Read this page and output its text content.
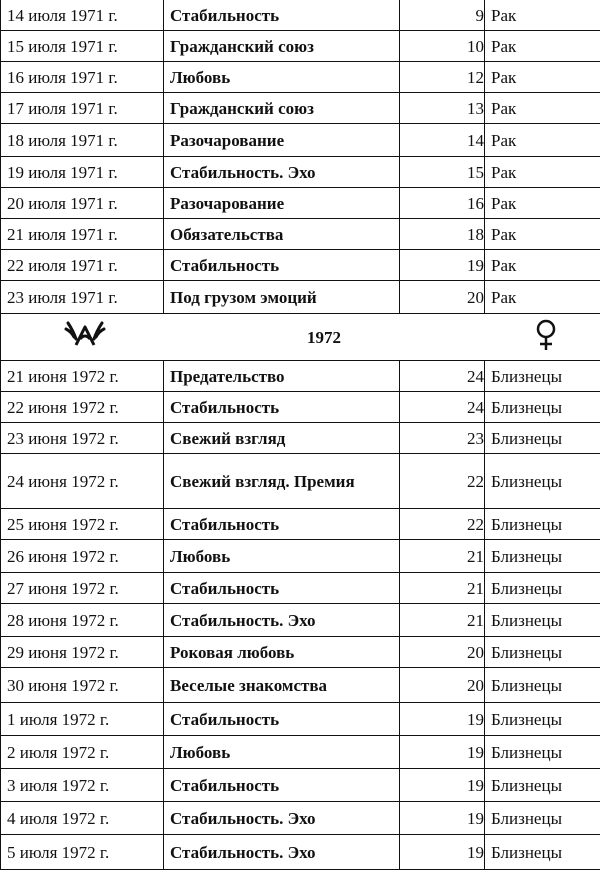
14 июля 1971 г.	Стабильность	9	Рак
15 июля 1971 г.	Гражданский союз	10	Рак
16 июля 1971 г.	Любовь	12	Рак
17 июля 1971 г.	Гражданский союз	13	Рак
18 июля 1971 г.	Разочарование	14	Рак
19 июля 1971 г.	Стабильность. Эхо	15	Рак
20 июля 1971 г.	Разочарование	16	Рак
21 июля 1971 г.	Обязательства	18	Рак
22 июля 1971 г.	Стабильность	19	Рак
23 июля 1971 г.	Под грузом эмоций	20	Рак
	1972	
21 июня 1972 г.	Предательство	24	Близнецы
22 июня 1972 г.	Стабильность	24	Близнецы
23 июня 1972 г.	Свежий взгляд	23	Близнецы
24 июня 1972 г.	Свежий взгляд. Премия	22	Близнецы
25 июня 1972 г.	Стабильность	22	Близнецы
26 июня 1972 г.	Любовь	21	Близнецы
27 июня 1972 г.	Стабильность	21	Близнецы
28 июня 1972 г.	Стабильность. Эхо	21	Близнецы
29 июня 1972 г.	Роковая любовь	20	Близнецы
30 июня 1972 г.	Веселые знакомства	20	Близнецы
1 июля 1972 г.	Стабильность	19	Близнецы
2 июля 1972 г.	Любовь	19	Близнецы
3 июля 1972 г.	Стабильность	19	Близнецы
4 июля 1972 г.	Стабильность. Эхо	19	Близнецы
5 июля 1972 г.	Стабильность. Эхо	19	Близнецы
